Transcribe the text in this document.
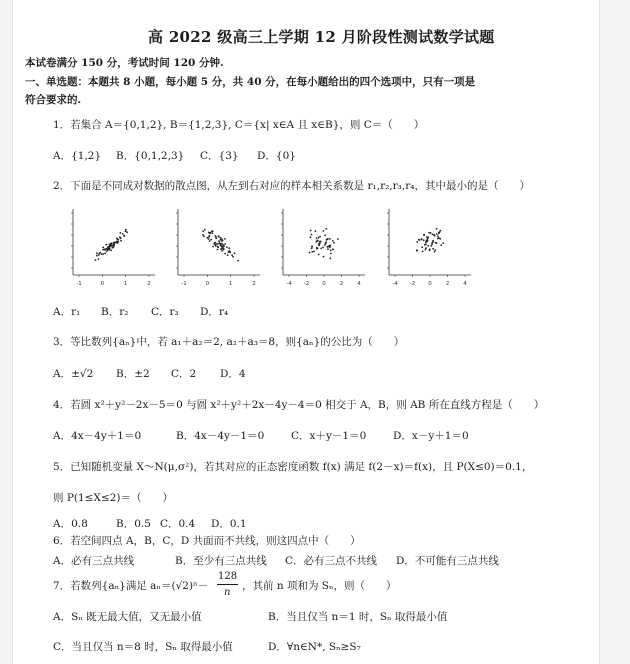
高 2022 级高三上学期 12 月阶段性测试数学试题
本试卷满分 150 分，考试时间 120 分钟.
一、单选题：本题共 8 小题，每小题 5 分，共 40 分，在每小题给出的四个选项中，只有一项是
符合要求的.
1．若集合 A＝{0,1,2}, B＝{1,2,3}, C＝{x| x∈A 且 x∈B}，则 C＝（　　）
A．{1,2} B．{0,1,2,3} C．{3} D．{0}
2．下面是不同成对数据的散点图，从左到右对应的样本相关系数是 r₁,r₂,r₃,r₄，其中最小的是（　　）
-1	0	1	2	-1	0	1	2	-4 -2 0	2	4	-4 -2 0	2	4
A．r₁ B．r₂ C．r₃ D．r₄
3．等比数列{aₙ}中，若 a₁＋a₂＝2, a₂＋a₃＝8，则{aₙ}的公比为（　　）
A．±√2 B．±2 C．2 D．4
4．若圆 x²＋y²－2x－5＝0 与圆 x²＋y²＋2x－4y－4＝0 相交于 A，B，则 AB 所在直线方程是（　　）
A．4x－4y＋1＝0	B．4x－4y－1＝0	C．x＋y－1＝0	D．x－y＋1＝0
5．已知随机变量 X～N(μ,σ²)，若其对应的正态密度函数 f(x) 满足 f(2－x)＝f(x)，且 P(X≤0)＝0.1，
则 P(1≤X≤2)＝（　　）
A．0.8	B．0.5 C．0.4 D．0.1
6．若空间四点 A，B，C，D 共面而不共线，则这四点中（　　）
A．必有三点共线	B．至少有三点共线 C．必有三点不共线 D．不可能有三点共线
7．若数列{aₙ}满足 aₙ＝(√2)ⁿ－
128
n
，其前 n 项和为 Sₙ，则（　　）
A．Sₙ 既无最大值，又无最小值	B．当且仅当 n＝1 时，Sₙ 取得最小值
C．当且仅当 n＝8 时，Sₙ 取得最小值	D．∀n∈N*, Sₙ≥S₇
